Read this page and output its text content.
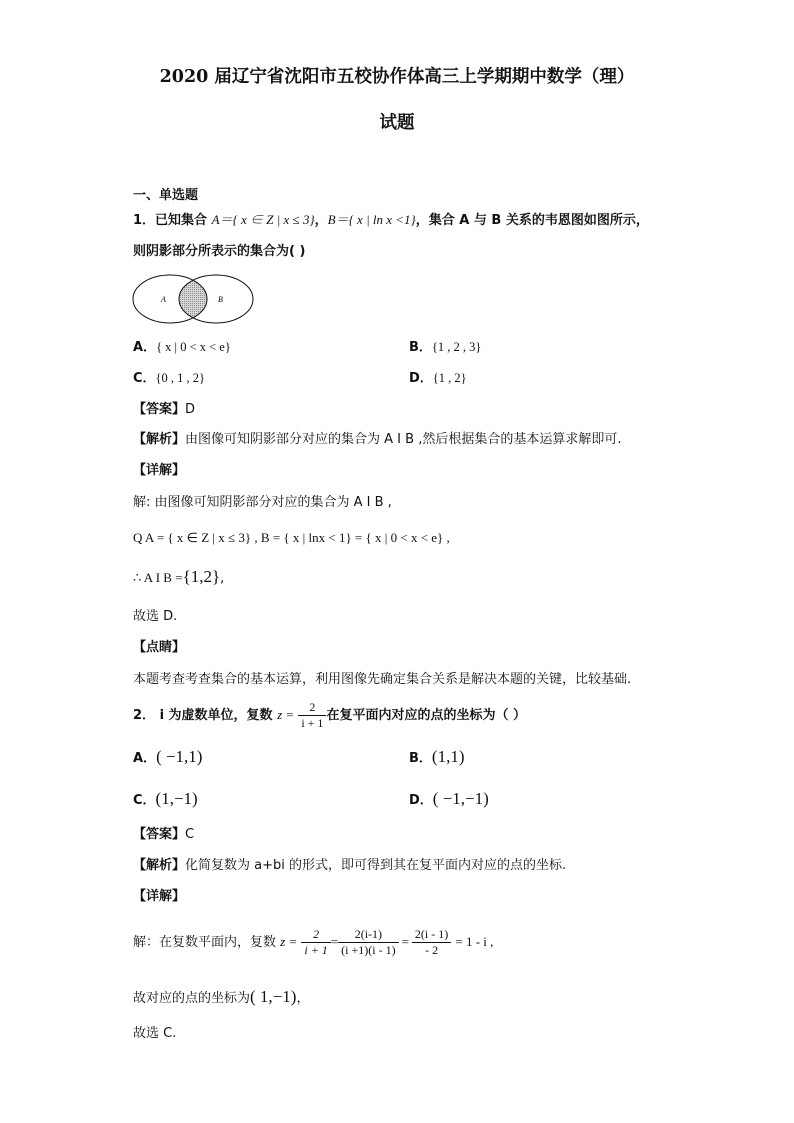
2020 届辽宁省沈阳市五校协作体高三上学期期中数学（理）
试题
一、单选题
1．已知集合 A＝{ x ∈ Z | x ≤ 3}，B＝{ x | ln x <1}，集合 A 与 B 关系的韦恩图如图所示，
则阴影部分所表示的集合为( )
A	B
A．{ x | 0 < x < e}	B．{1 , 2 , 3}
C．{0 , 1 , 2}	D．{1 , 2}
【答案】D
【解析】由图像可知阴影部分对应的集合为 A I B ,然后根据集合的基本运算求解即可.
【详解】
解: 由图像可知阴影部分对应的集合为 A I B ,
Q A = { x ∈ Z | x ≤ 3} , B = { x | lnx < 1} = { x | 0 < x < e} ,
∴ A I B ={1,2},
故选 D.
【点睛】
本题考查考查集合的基本运算，利用图像先确定集合关系是解决本题的关键，比较基础.
2． i 为虚数单位，复数 $z = \frac{2}{i + 1}$ 在复平面内对应的点的坐标为（ ）
A．( −1,1)	B．(1,1)
C．(1,−1)	D．( −1,−1)
【答案】C
【解析】化简复数为 a+bi 的形式，即可得到其在复平面内对应的点的坐标.
【详解】
解：在复数平面内，复数 $z = \frac{2}{i + 1} = \frac{2(i-1)}{(i +1)(i - 1)} = \frac{2(i - 1)}{- 2} = 1 - i$ ,
故对应的点的坐标为( 1,−1)，
故选 C.
